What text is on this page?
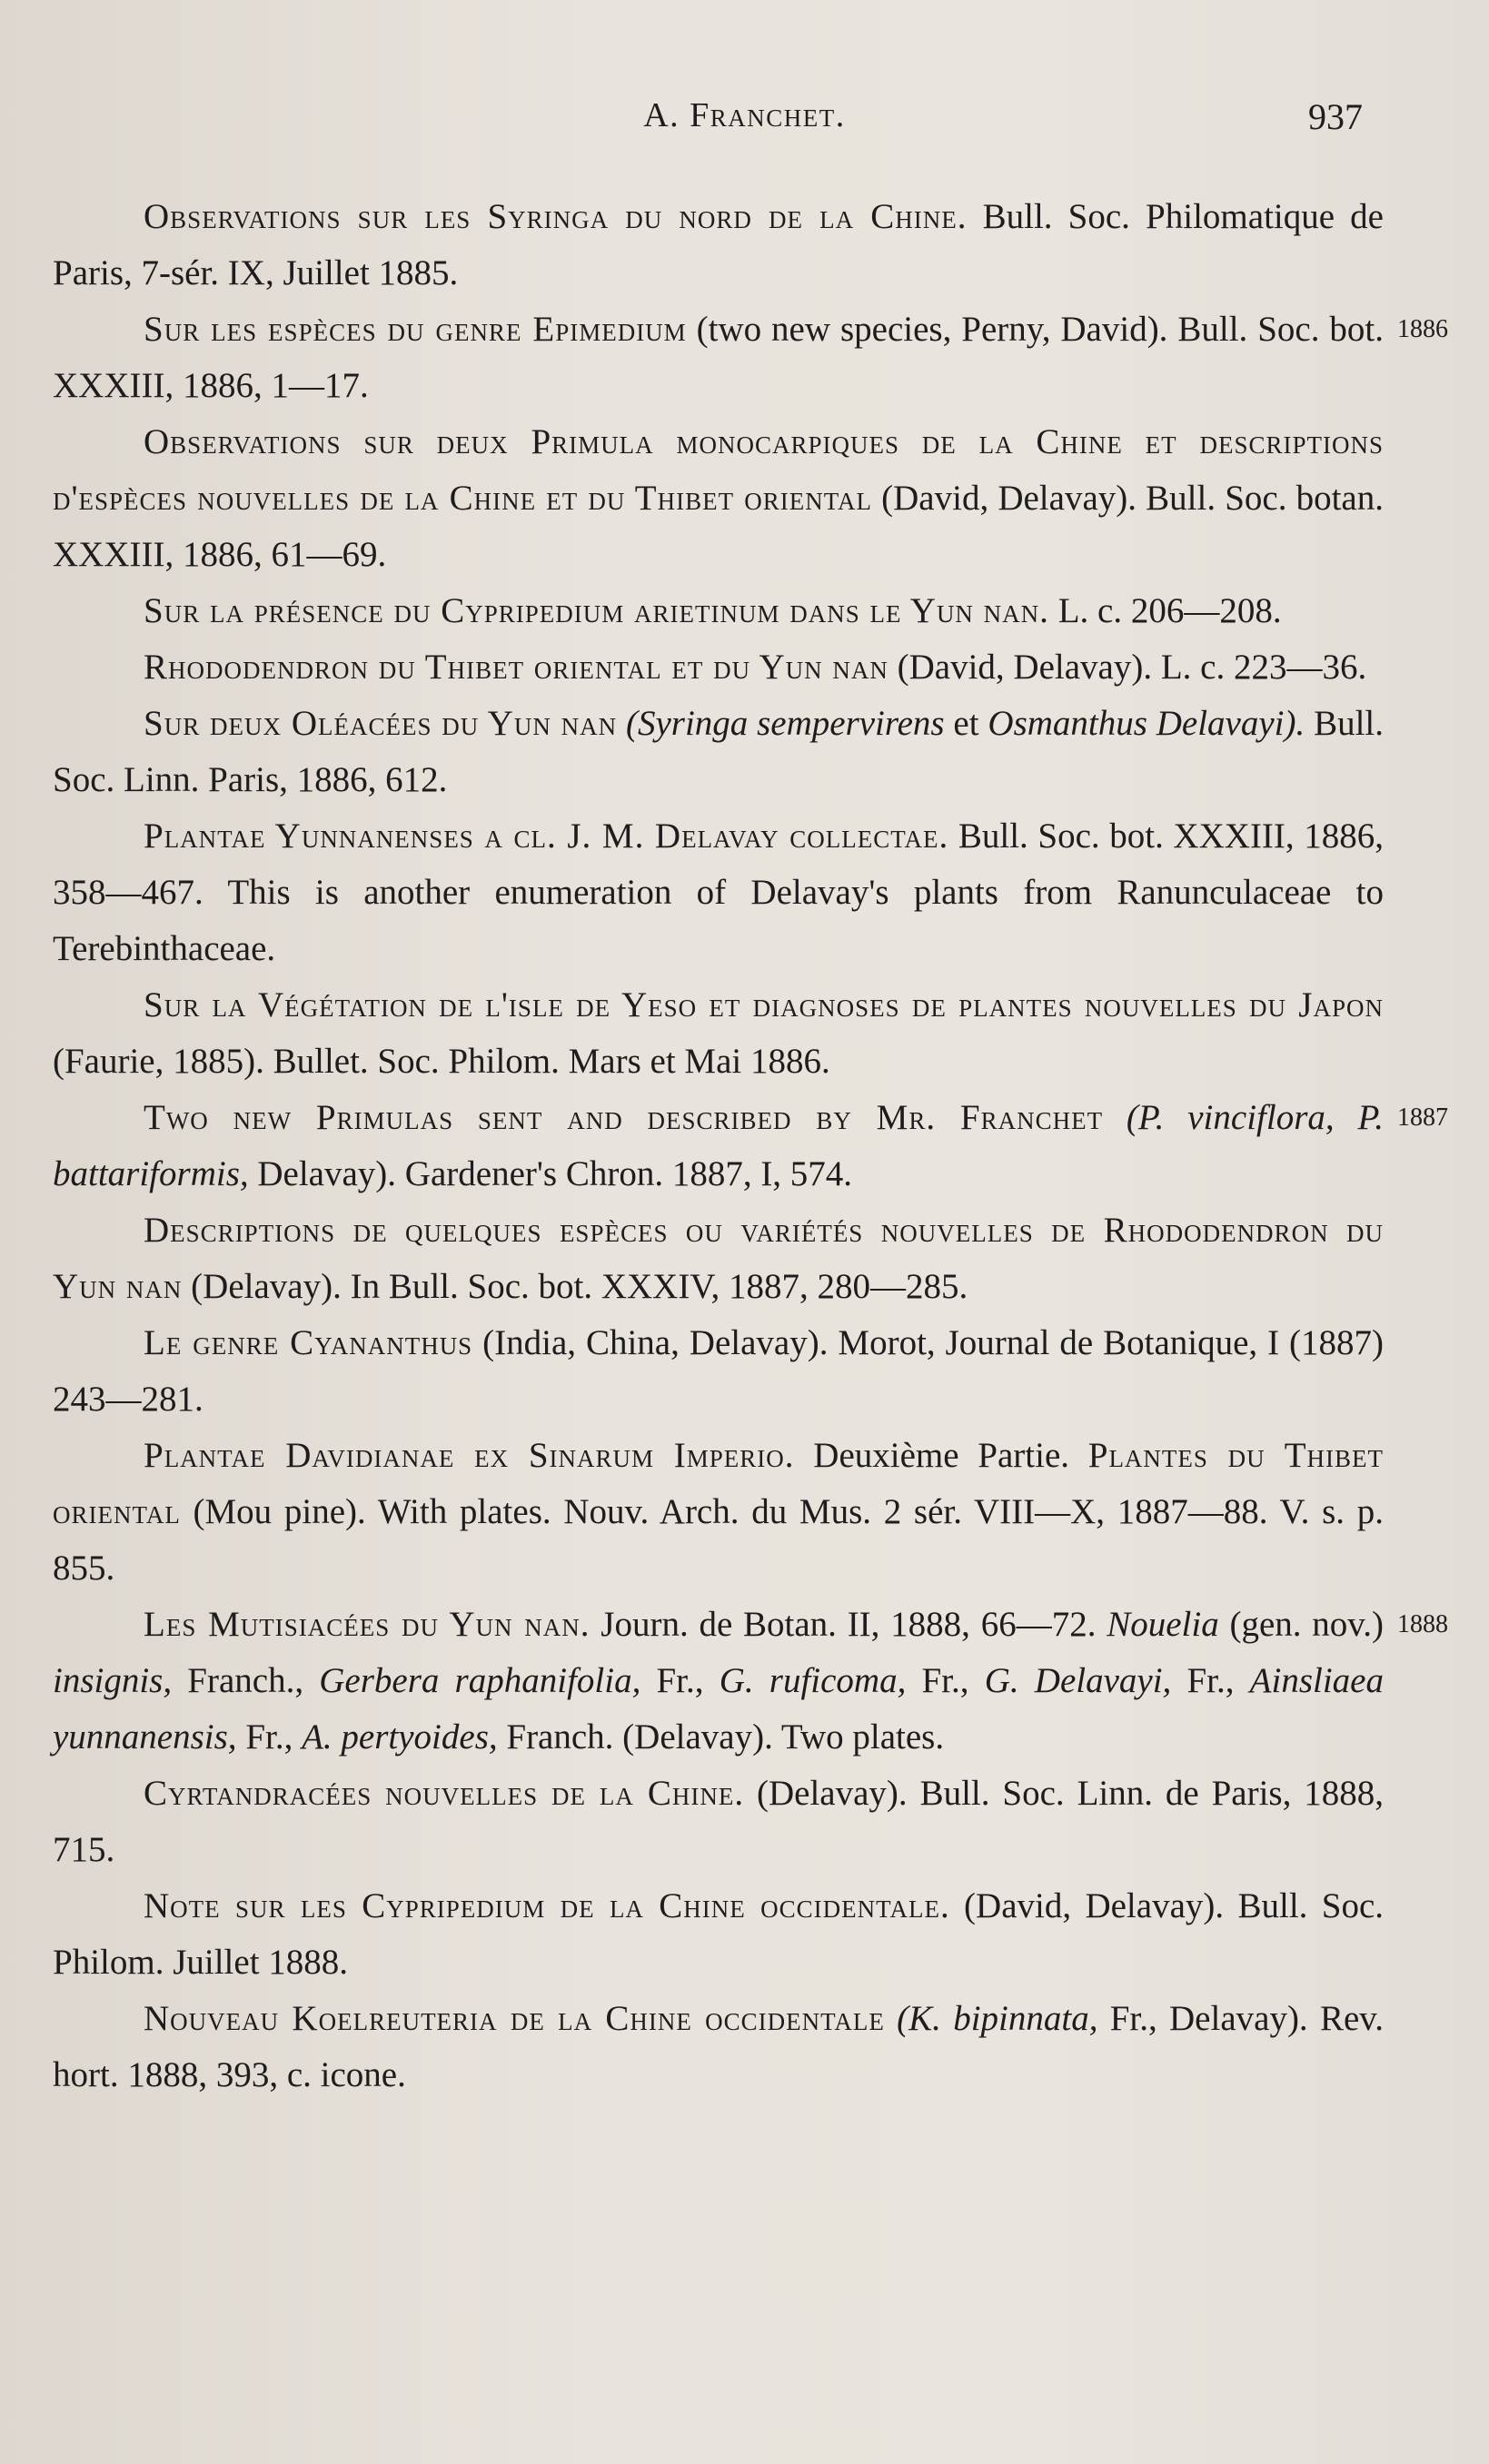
A. Franchet.	937

Observations sur les Syringa du nord de la Chine. Bull. Soc. Philomatique de Paris, 7-sér. IX, Juillet 1885.

1886
Sur les espèces du genre Epimedium (two new species, Perny, David). Bull. Soc. bot. XXXIII, 1886, 1—17.

Observations sur deux Primula monocarpiques de la Chine et descriptions d'espèces nouvelles de la Chine et du Thibet oriental (David, Delavay). Bull. Soc. botan. XXXIII, 1886, 61—69.

Sur la présence du Cypripedium arietinum dans le Yun nan. L. c. 206—208.

Rhododendron du Thibet oriental et du Yun nan (David, Delavay). L. c. 223—36.

Sur deux Oléacées du Yun nan (Syringa sempervirens et Osmanthus Delavayi). Bull. Soc. Linn. Paris, 1886, 612.

Plantae Yunnanenses a cl. J. M. Delavay collectae. Bull. Soc. bot. XXXIII, 1886, 358—467. This is another enumeration of Delavay's plants from Ranunculaceae to Terebinthaceae.

Sur la Végétation de l'isle de Yeso et diagnoses de plantes nouvelles du Japon (Faurie, 1885). Bullet. Soc. Philom. Mars et Mai 1886.

1887
Two new Primulas sent and described by Mr. Franchet (P. vinciflora, P. battariformis, Delavay). Gardener's Chron. 1887, I, 574.

Descriptions de quelques espèces ou variétés nouvelles de Rhododendron du Yun nan (Delavay). In Bull. Soc. bot. XXXIV, 1887, 280—285.

Le genre Cyananthus (India, China, Delavay). Morot, Journal de Botanique, I (1887) 243—281.

Plantae Davidianae ex Sinarum Imperio. Deuxième Partie. Plantes du Thibet oriental (Mou pine). With plates. Nouv. Arch. du Mus. 2 sér. VIII—X, 1887—88. V. s. p. 855.

1888
Les Mutisiacées du Yun nan. Journ. de Botan. II, 1888, 66—72. Nouelia (gen. nov.) insignis, Franch., Gerbera raphanifolia, Fr., G. ruficoma, Fr., G. Delavayi, Fr., Ainsliaea yunnanensis, Fr., A. pertyoides, Franch. (Delavay). Two plates.

Cyrtandracées nouvelles de la Chine. (Delavay). Bull. Soc. Linn. de Paris, 1888, 715.

Note sur les Cypripedium de la Chine occidentale. (David, Delavay). Bull. Soc. Philom. Juillet 1888.

Nouveau Koelreuteria de la Chine occidentale (K. bipinnata, Fr., Delavay). Rev. hort. 1888, 393, c. icone.
